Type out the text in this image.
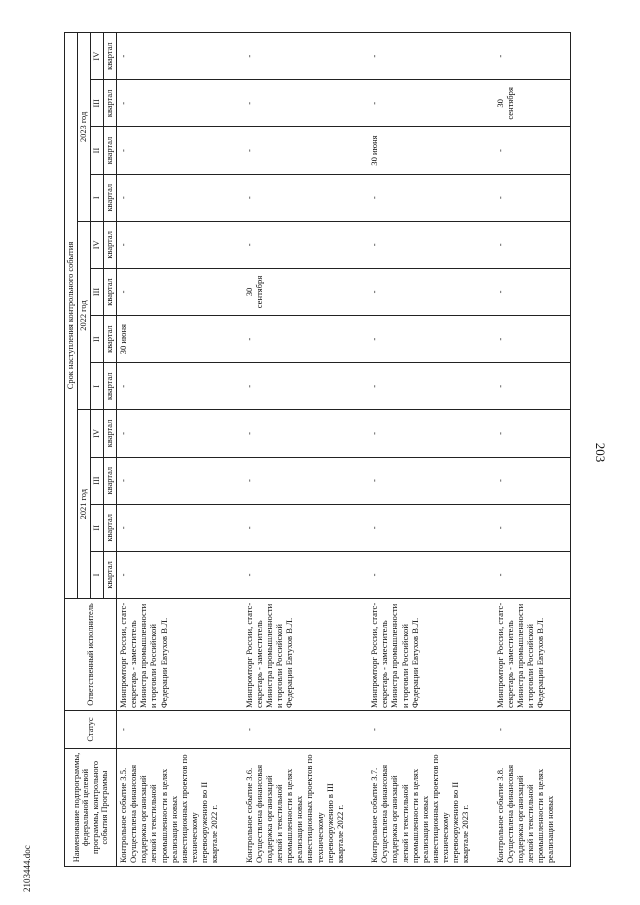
203
2103444.doc
Наименование подпрограммы, федеральной целевой программы, контрольного события Программы	Статус	Ответственный исполнитель	Срок наступления контрольного события											
			2021 год				2022 год				2023 год			
			I	II	III	IV	I	II	III	IV	I	II	III	IV
			квартал	квартал	квартал	квартал	квартал	квартал	квартал	квартал	квартал	квартал	квартал	квартал
Контрольное событие 3.5. Осуществлена финансовая поддержка организаций легкой и текстильной промышленности в целях реализации новых инвестиционных проектов по техническому перевооружению во II квартале 2022 г.	-	Минпромторг России, статс-секретарь - заместитель Министра промышленности и торговли Российской Федерации Евтухов В.Л.	-	-	-	-	-	30 июня	-	-	-	-	-	-
Контрольное событие 3.6. Осуществлена финансовая поддержка организаций легкой и текстильной промышленности в целях реализации новых инвестиционных проектов по техническому перевооружению в III квартале 2022 г.	-	Минпромторг России, статс-секретарь - заместитель Министра промышленности и торговли Российской Федерации Евтухов В.Л.	-	-	-	-	-	-	30 сентября	-	-	-	-	-
Контрольное событие 3.7. Осуществлена финансовая поддержка организаций легкой и текстильной промышленности в целях реализации новых инвестиционных проектов по техническому перевооружению во II квартале 2023 г.	-	Минпромторг России, статс-секретарь - заместитель Министра промышленности и торговли Российской Федерации Евтухов В.Л.	-	-	-	-	-	-	-	-	-	30 июня	-	-
Контрольное событие 3.8. Осуществлена финансовая поддержка организаций легкой и текстильной промышленности в целях реализации новых	-	Минпромторг России, статс-секретарь - заместитель Министра промышленности и торговли Российской Федерации Евтухов В.Л.	-	-	-	-	-	-	-	-	-	-	30 сентября	-
